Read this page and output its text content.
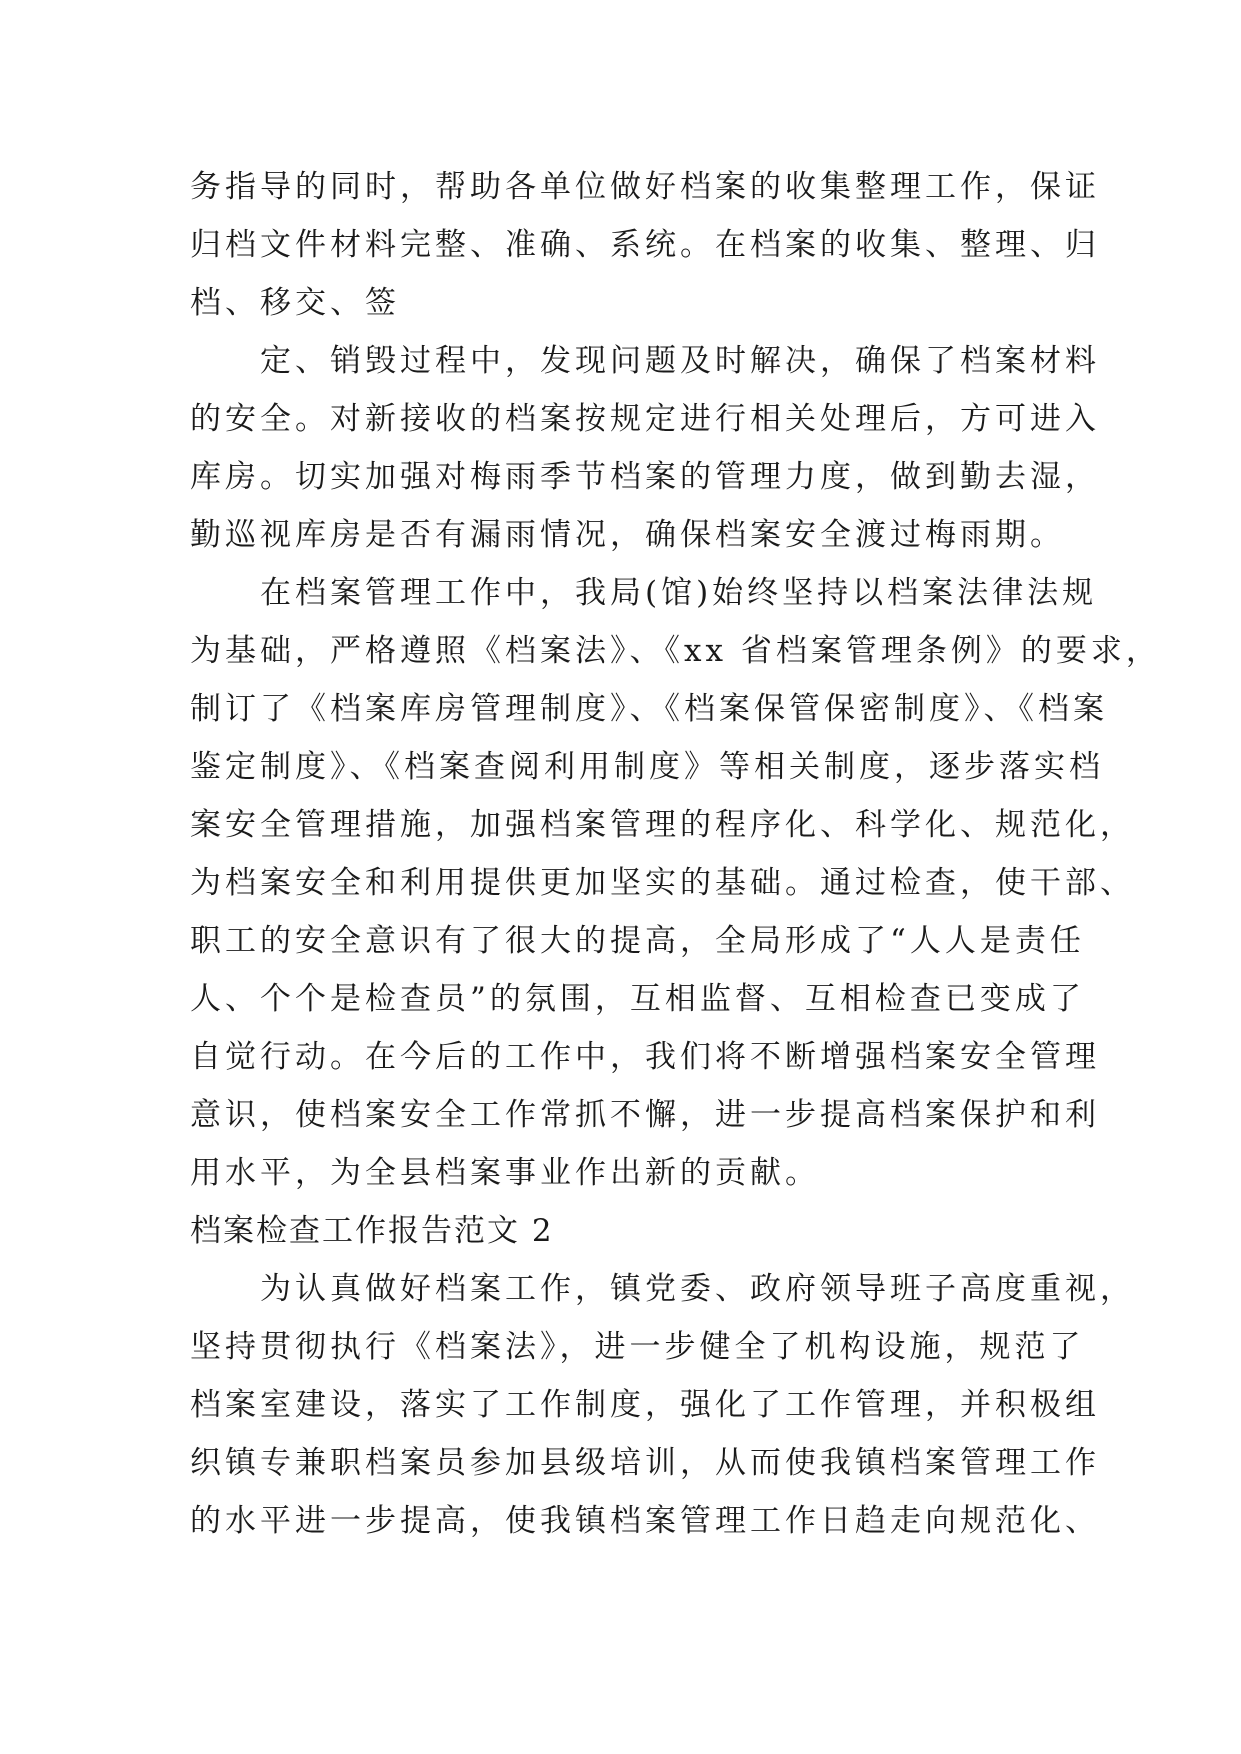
务指导的同时，帮助各单位做好档案的收集整理工作，保证
归档文件材料完整、准确、系统。在档案的收集、整理、归
档、移交、签
　　定、销毁过程中，发现问题及时解决，确保了档案材料
的安全。对新接收的档案按规定进行相关处理后，方可进入
库房。切实加强对梅雨季节档案的管理力度，做到勤去湿，
勤巡视库房是否有漏雨情况，确保档案安全渡过梅雨期。
　　在档案管理工作中，我局(馆)始终坚持以档案法律法规
为基础，严格遵照《档案法》、《xx 省档案管理条例》的要求，
制订了《档案库房管理制度》、《档案保管保密制度》、《档案
鉴定制度》、《档案查阅利用制度》等相关制度，逐步落实档
案安全管理措施，加强档案管理的程序化、科学化、规范化，
为档案安全和利用提供更加坚实的基础。通过检查，使干部、
职工的安全意识有了很大的提高，全局形成了“人人是责任
人、个个是检查员”的氛围，互相监督、互相检查已变成了
自觉行动。在今后的工作中，我们将不断增强档案安全管理
意识，使档案安全工作常抓不懈，进一步提高档案保护和利
用水平，为全县档案事业作出新的贡献。
档案检查工作报告范文 2
　　为认真做好档案工作，镇党委、政府领导班子高度重视，
坚持贯彻执行《档案法》，进一步健全了机构设施，规范了
档案室建设，落实了工作制度，强化了工作管理，并积极组
织镇专兼职档案员参加县级培训，从而使我镇档案管理工作
的水平进一步提高，使我镇档案管理工作日趋走向规范化、
